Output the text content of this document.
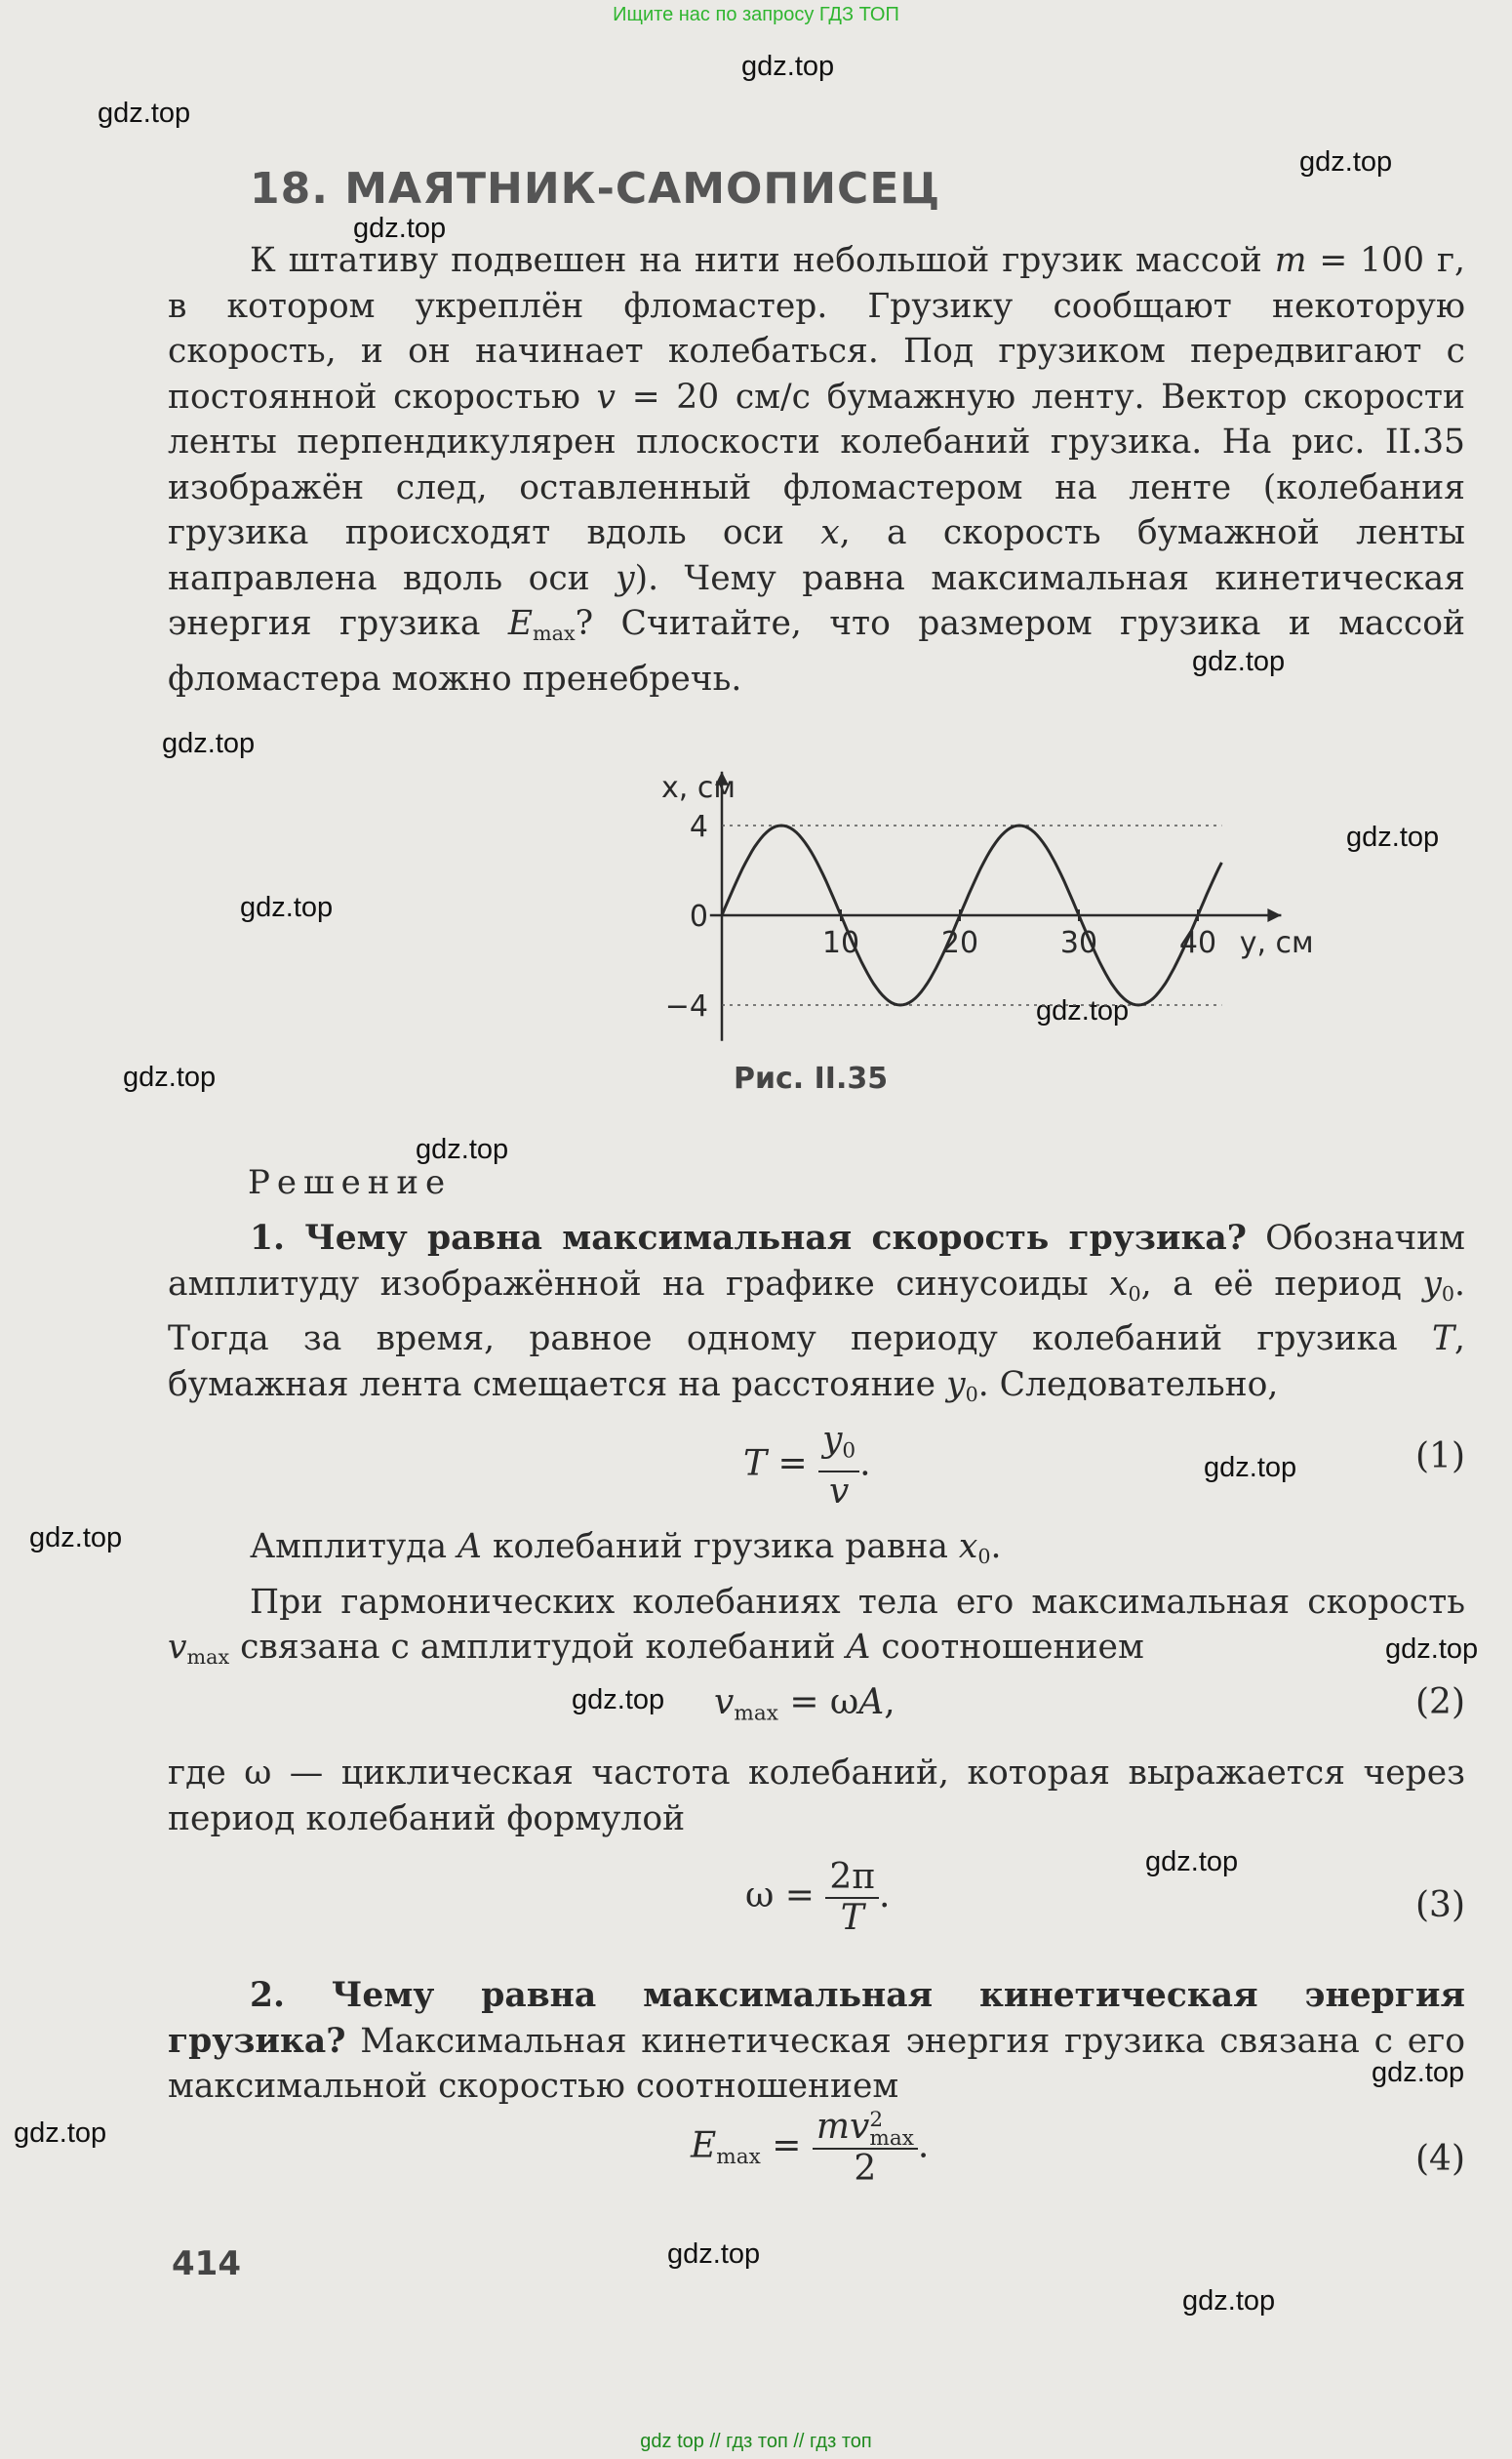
Ищите нас по запросу ГДЗ ТОП
gdz.top
gdz.top
gdz.top
gdz.top
gdz.top
gdz.top
gdz.top
gdz.top
gdz.top
gdz.top
gdz.top
gdz.top
gdz.top
gdz.top
gdz.top
gdz.top
gdz.top
gdz.top
gdz.top
gdz.top
18. МАЯТНИК-САМОПИСЕЦ

К штативу подвешен на нити небольшой грузик массой m = 100 г, в котором укреплён фломастер. Грузику сообщают некоторую скорость, и он начинает колебаться. Под грузиком передвигают с постоянной скоростью v = 20 см/с бумажную ленту. Вектор скорости ленты перпендикулярен плоскости колебаний грузика. На рис. II.35 изображён след, оставленный фломастером на ленте (колебания грузика происходят вдоль оси x, а скорость бумажной ленты направлена вдоль оси y). Чему равна максимальная кинетическая энергия грузика $E_{max}$? Считайте, что размером грузика и массой фломастера можно пренебречь.

x, см
4
0
−4
10	20	30	40 y, см
Рис. II.35
Решение

1. Чему равна максимальная скорость грузика? Обозначим амплитуду изображённой на графике синусоиды $x_0$, а её период $y_0$. Тогда за время, равное одному периоду колебаний грузика T, бумажная лента смещается на расстояние $y_0$. Следовательно,

$T = \frac{y_0}{v}$ .	(1)

Амплитуда A колебаний грузика равна $x_0$.

При гармонических колебаниях тела его максимальная скорость $v_{max}$ связана с амплитудой колебаний A соотношением

$v_{max} = \omega A$,	(2)

где ω — циклическая частота колебаний, которая выражается через период колебаний формулой

$\omega = \frac{2\pi}{T}$ .	(3)

2. Чему равна максимальная кинетическая энергия грузика? Максимальная кинетическая энергия грузика связана с его максимальной скоростью соотношением

$E_{max}$ = mv 2
max
2 .	(4)
414
gdz top // гдз топ // гдз топ
